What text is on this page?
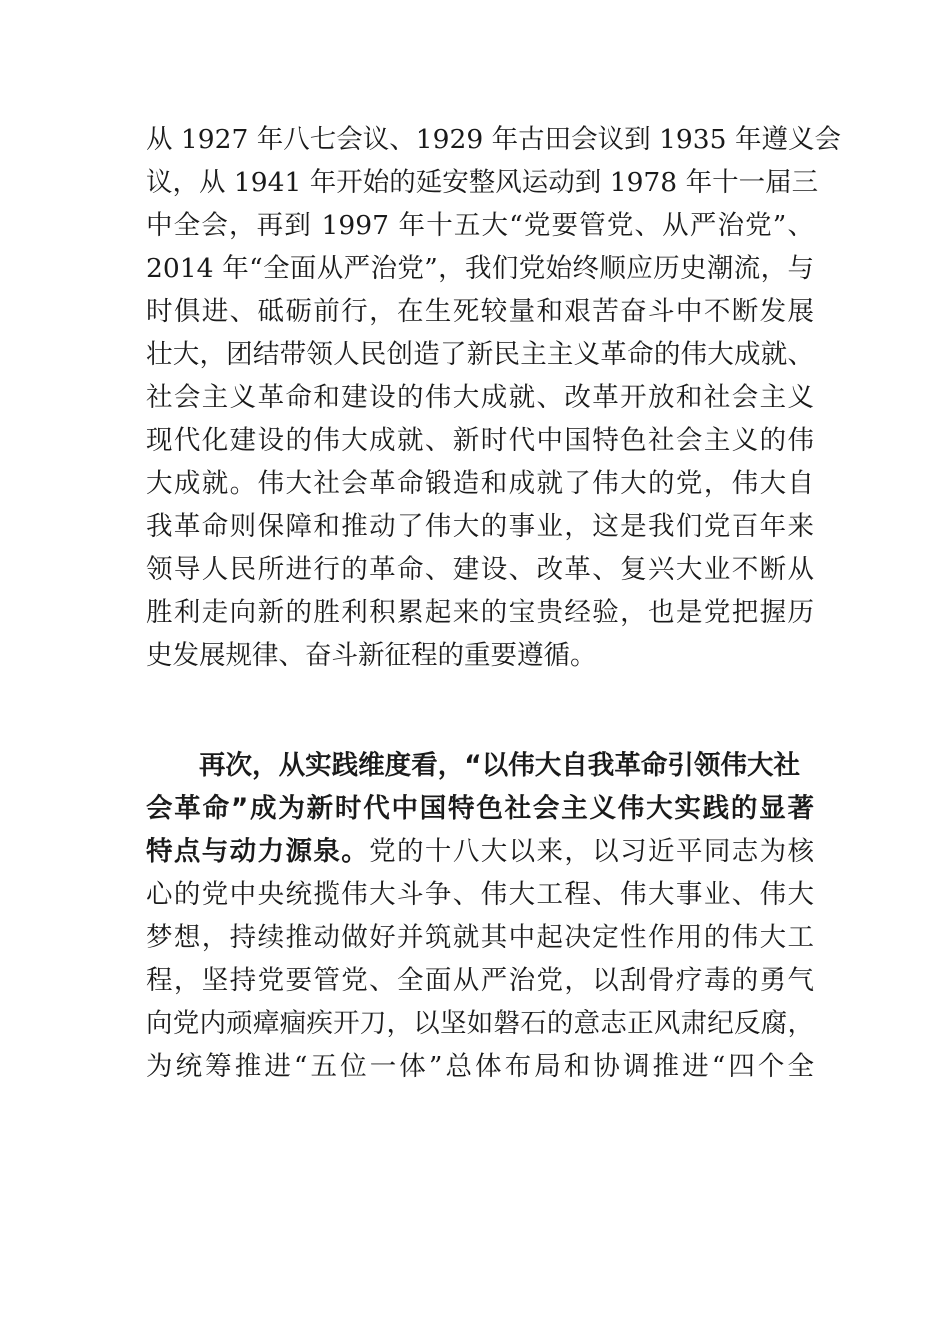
从 1927 年八七会议、1929 年古田会议到 1935 年遵义会
议，从 1941 年开始的延安整风运动到 1978 年十一届三
中全会，再到 1997 年十五大“党要管党、从严治党”、
2014 年“全面从严治党”，我们党始终顺应历史潮流，与
时俱进、砥砺前行，在生死较量和艰苦奋斗中不断发展
壮大，团结带领人民创造了新民主主义革命的伟大成就、
社会主义革命和建设的伟大成就、改革开放和社会主义
现代化建设的伟大成就、新时代中国特色社会主义的伟
大成就。伟大社会革命锻造和成就了伟大的党，伟大自
我革命则保障和推动了伟大的事业，这是我们党百年来
领导人民所进行的革命、建设、改革、复兴大业不断从
胜利走向新的胜利积累起来的宝贵经验，也是党把握历
史发展规律、奋斗新征程的重要遵循。
再次，从实践维度看，“以伟大自我革命引领伟大社
会革命”成为新时代中国特色社会主义伟大实践的显著
特点与动力源泉。党的十八大以来，以习近平同志为核
心的党中央统揽伟大斗争、伟大工程、伟大事业、伟大
梦想，持续推动做好并筑就其中起决定性作用的伟大工
程，坚持党要管党、全面从严治党，以刮骨疗毒的勇气
向党内顽瘴痼疾开刀，以坚如磐石的意志正风肃纪反腐，
为统筹推进“五位一体”总体布局和协调推进“四个全
